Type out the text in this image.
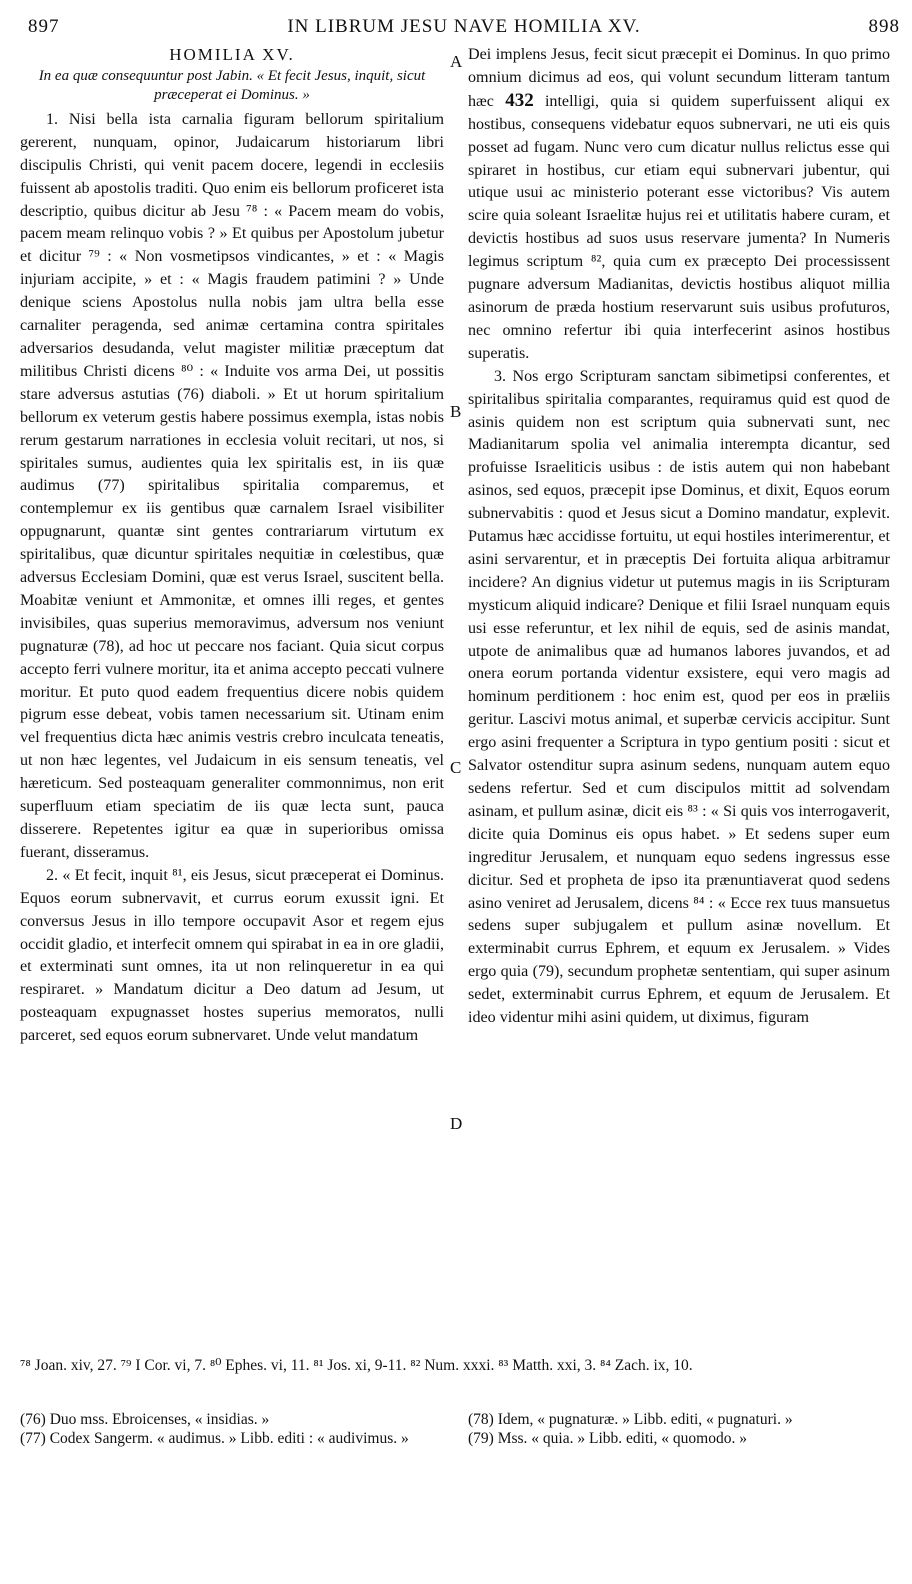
897	IN LIBRUM JESU NAVE HOMILIA XV.	898

HOMILIA XV.

In ea quæ consequuntur post Jabin. « Et fecit Jesus, inquit, sicut præceperat ei Dominus. »

1. Nisi bella ista carnalia figuram bellorum spiritalium gererent, nunquam, opinor, Judaicarum historiarum libri discipulis Christi, qui venit pacem docere, legendi in ecclesiis fuissent ab apostolis traditi. Quo enim eis bellorum proficeret ista descriptio, quibus dicitur ab Jesu ⁷⁸ : « Pacem meam do vobis, pacem meam relinquo vobis ? » Et quibus per Apostolum jubetur et dicitur ⁷⁹ : « Non vosmetipsos vindicantes, » et : « Magis injuriam accipite, » et : « Magis fraudem patimini ? » Unde denique sciens Apostolus nulla nobis jam ultra bella esse carnaliter peragenda, sed animæ certamina contra spiritales adversarios desudanda, velut magister militiæ præceptum dat militibus Christi dicens ⁸⁰ : « Induite vos arma Dei, ut possitis stare adversus astutias (76) diaboli. » Et ut horum spiritalium bellorum ex veterum gestis habere possimus exempla, istas nobis rerum gestarum narrationes in ecclesia voluit recitari, ut nos, si spiritales sumus, audientes quia lex spiritalis est, in iis quæ audimus (77) spiritalibus spiritalia comparemus, et contemplemur ex iis gentibus quæ carnalem Israel visibiliter oppugnarunt, quantæ sint gentes contrariarum virtutum ex spiritalibus, quæ dicuntur spiritales nequitiæ in cœlestibus, quæ adversus Ecclesiam Domini, quæ est verus Israel, suscitent bella. Moabitæ veniunt et Ammonitæ, et omnes illi reges, et gentes invisibiles, quas superius memoravimus, adversum nos veniunt pugnaturæ (78), ad hoc ut peccare nos faciant. Quia sicut corpus accepto ferri vulnere moritur, ita et anima accepto peccati vulnere moritur. Et puto quod eadem frequentius dicere nobis quidem pigrum esse debeat, vobis tamen necessarium sit. Utinam enim vel frequentius dicta hæc animis vestris crebro inculcata teneatis, ut non hæc legentes, vel Judaicum in eis sensum teneatis, vel hæreticum. Sed posteaquam generaliter commonnimus, non erit superfluum etiam speciatim de iis quæ lecta sunt, pauca disserere. Repetentes igitur ea quæ in superioribus omissa fuerant, disseramus.

2. « Et fecit, inquit ⁸¹, eis Jesus, sicut præceperat ei Dominus. Equos eorum subnervavit, et currus eorum exussit igni. Et conversus Jesus in illo tempore occupavit Asor et regem ejus occidit gladio, et interfecit omnem qui spirabat in ea in ore gladii, et exterminati sunt omnes, ita ut non relinqueretur in ea qui respiraret. » Mandatum dicitur a Deo datum ad Jesum, ut posteaquam expugnasset hostes superius memoratos, nulli parceret, sed equos eorum subnervaret. Unde velut mandatum

A
B
C
D

Dei implens Jesus, fecit sicut præcepit ei Dominus. In quo primo omnium dicimus ad eos, qui volunt secundum litteram tantum hæc 432 intelligi, quia si quidem superfuissent aliqui ex hostibus, consequens videbatur equos subnervari, ne uti eis quis posset ad fugam. Nunc vero cum dicatur nullus relictus esse qui spiraret in hostibus, cur etiam equi subnervari jubentur, qui utique usui ac ministerio poterant esse victoribus? Vis autem scire quia soleant Israelitæ hujus rei et utilitatis habere curam, et devictis hostibus ad suos usus reservare jumenta? In Numeris legimus scriptum ⁸², quia cum ex præcepto Dei processissent pugnare adversum Madianitas, devictis hostibus aliquot millia asinorum de præda hostium reservarunt suis usibus profuturos, nec omnino refertur ibi quia interfecerint asinos hostibus superatis.

3. Nos ergo Scripturam sanctam sibimetipsi conferentes, et spiritalibus spiritalia comparantes, requiramus quid est quod de asinis quidem non est scriptum quia subnervati sunt, nec Madianitarum spolia vel animalia interempta dicantur, sed profuisse Israeliticis usibus : de istis autem qui non habebant asinos, sed equos, præcepit ipse Dominus, et dixit, Equos eorum subnervabitis : quod et Jesus sicut a Domino mandatur, explevit. Putamus hæc accidisse fortuitu, ut equi hostiles interimerentur, et asini servarentur, et in præceptis Dei fortuita aliqua arbitramur incidere? An dignius videtur ut putemus magis in iis Scripturam mysticum aliquid indicare? Denique et filii Israel nunquam equis usi esse referuntur, et lex nihil de equis, sed de asinis mandat, utpote de animalibus quæ ad humanos labores juvandos, et ad onera eorum portanda videntur exsistere, equi vero magis ad hominum perditionem : hoc enim est, quod per eos in præliis geritur. Lascivi motus animal, et superbæ cervicis accipitur. Sunt ergo asini frequenter a Scriptura in typo gentium positi : sicut et Salvator ostenditur supra asinum sedens, nunquam autem equo sedens refertur. Sed et cum discipulos mittit ad solvendam asinam, et pullum asinæ, dicit eis ⁸³ : « Si quis vos interrogaverit, dicite quia Dominus eis opus habet. » Et sedens super eum ingreditur Jerusalem, et nunquam equo sedens ingressus esse dicitur. Sed et propheta de ipso ita prænuntiaverat quod sedens asino veniret ad Jerusalem, dicens ⁸⁴ : « Ecce rex tuus mansuetus sedens super subjugalem et pullum asinæ novellum. Et exterminabit currus Ephrem, et equum ex Jerusalem. » Vides ergo quia (79), secundum prophetæ sententiam, qui super asinum sedet, exterminabit currus Ephrem, et equum de Jerusalem. Et ideo videntur mihi asini quidem, ut diximus, figuram

⁷⁸ Joan. xiv, 27. ⁷⁹ I Cor. vi, 7. ⁸⁰ Ephes. vi, 11. ⁸¹ Jos. xi, 9-11. ⁸² Num. xxxi. ⁸³ Matth. xxi, 3. ⁸⁴ Zach. ix, 10.

(76) Duo mss. Ebroicenses, « insidias. »

(77) Codex Sangerm. « audimus. » Libb. editi : « audivimus. »

(78) Idem, « pugnaturæ. » Libb. editi, « pugnaturi. »

(79) Mss. « quia. » Libb. editi, « quomodo. »
